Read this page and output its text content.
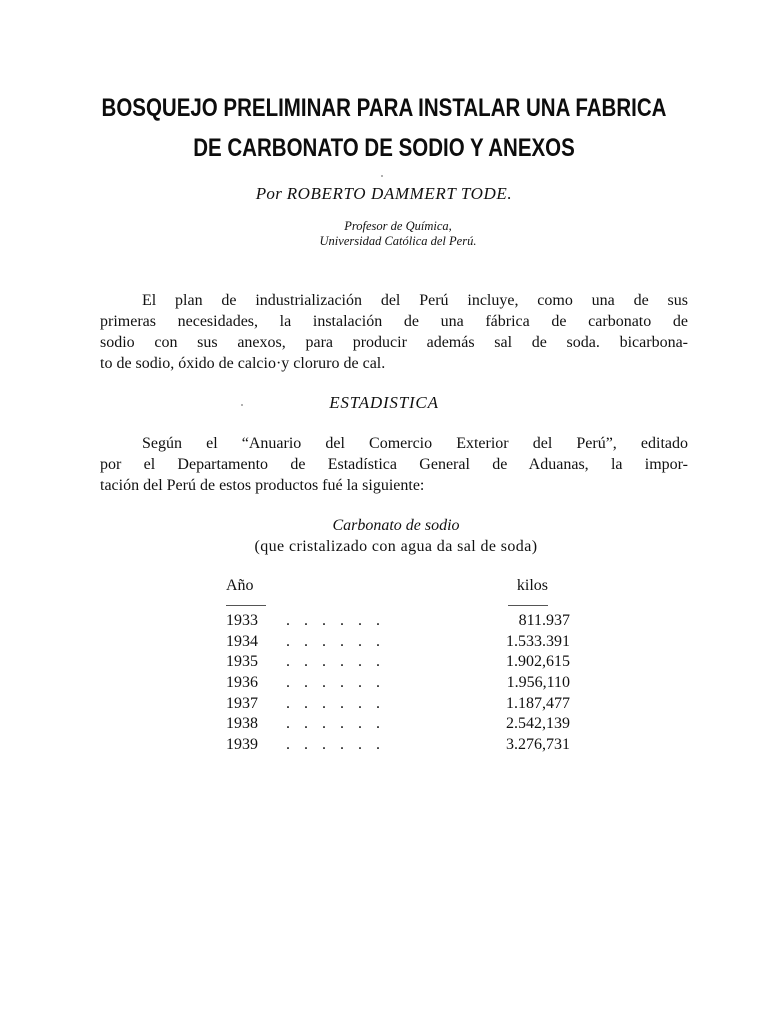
BOSQUEJO PRELIMINAR PARA INSTALAR UNA FABRICA
DE CARBONATO DE SODIO Y ANEXOS
Por ROBERTO DAMMERT TODE.
Profesor de Química,
Universidad Católica del Perú.
El plan de industrialización del Perú incluye, como una de sus
primeras necesidades, la instalación de una fábrica de carbonato de
sodio con sus anexos, para producir además sal de soda. bicarbona-
to de sodio, óxido de calcio·y cloruro de cal.
ESTADISTICA
Según el “Anuario del Comercio Exterior del Perú”, editado
por el Departamento de Estadística General de Aduanas, la impor-
tación del Perú de estos productos fué la siguiente:
Carbonato de sodio
(que cristalizado con agua da sal de soda)
Año	kilos
1933 ......	811.937
1934 ......	1.533.391
1935 ......	1.902,615
1936 ......	1.956,110
1937 ......	1.187,477
1938 ......	2.542,139
1939 ......	3.276,731
